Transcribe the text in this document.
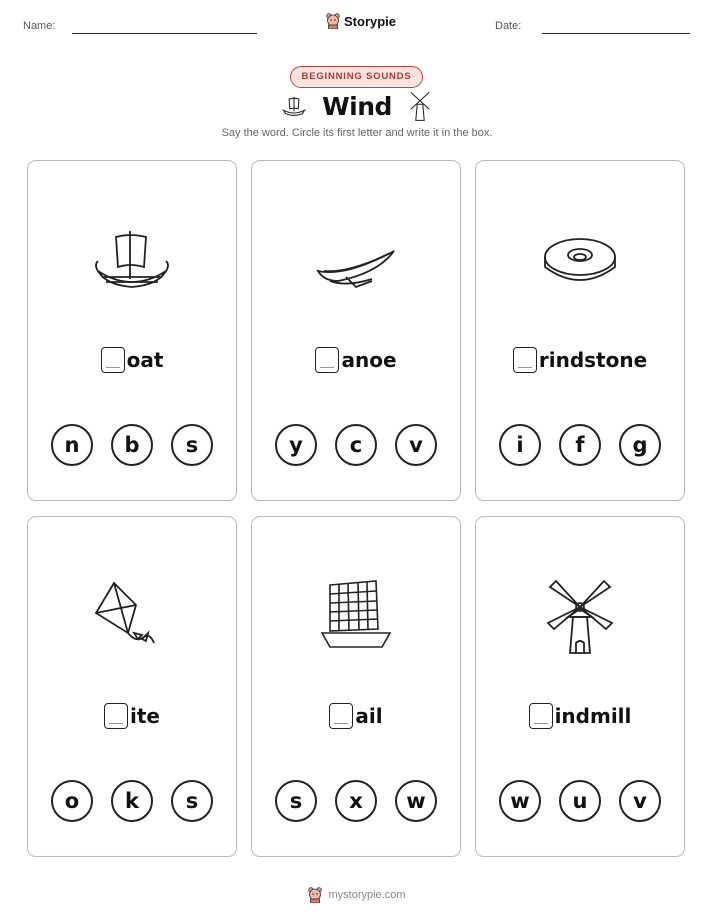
Name:	Storypie	Date:
BEGINNING SOUNDS
Wind
Say the word. Circle its first letter and write it in the box.
oat
n	b	s
anoe
y	c	v
rindstone
i	f	g
ite
o	k	s
ail
s	x	w
indmill
w	u	v
mystorypie.com
